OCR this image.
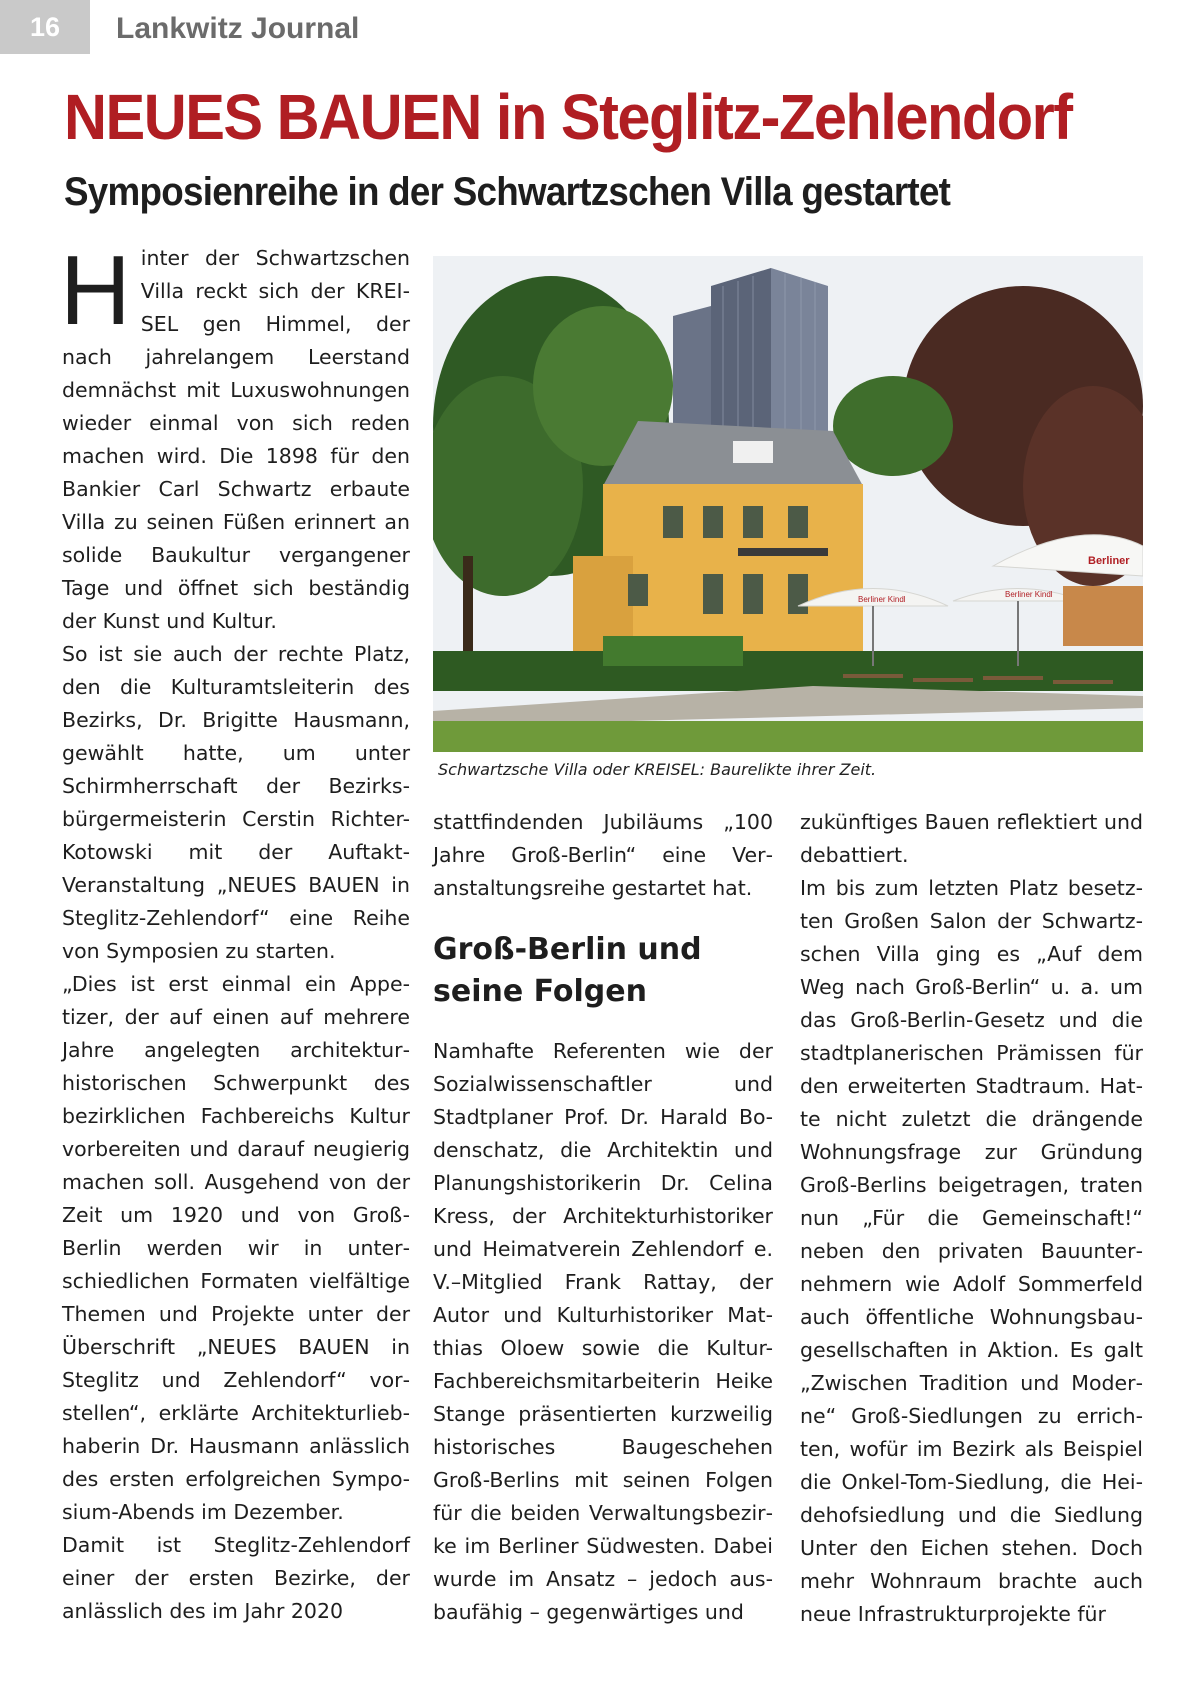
16 Lankwitz Journal
NEUES BAUEN in Steglitz-Zehlendorf
Symposienreihe in der Schwartzschen Villa gestartet

Hinter der Schwartzschen Villa reckt sich der KREISEL gen Himmel, der nach jahrelangem Leerstand demnächst mit Luxuswohnungen wieder einmal von sich reden machen wird. Die 1898 für den Bankier Carl Schwartz erbaute Villa zu seinen Füßen erinnert an solide Baukultur vergangener Tage und öffnet sich beständig der Kunst und Kultur.

So ist sie auch der rechte Platz, den die Kulturamtsleiterin des Bezirks, Dr. Brigitte Hausmann, gewählt hatte, um unter Schirmherrschaft der Bezirksbürgermeisterin Cerstin Richter-Kotowski mit der Auftakt-Veranstaltung „NEUES BAUEN in Steglitz-Zehlendorf“ eine Reihe von Symposien zu starten.

„Dies ist erst einmal ein Appetizer, der auf einen auf mehrere Jahre angelegten architekturhistorischen Schwerpunkt des bezirklichen Fachbereichs Kultur vorbereiten und darauf neugierig machen soll. Ausgehend von der Zeit um 1920 und von Groß-Berlin werden wir in unterschiedlichen Formaten vielfältige Themen und Projekte unter der Überschrift „NEUES BAUEN in Steglitz und Zehlendorf“ vorstellen“, erklärte Architekturliebhaberin Dr. Hausmann anlässlich des ersten erfolgreichen Symposium-Abends im Dezember.

Damit ist Steglitz-Zehlendorf einer der ersten Bezirke, der anlässlich des im Jahr 2020

Berliner Kindl
Berliner Kindl
Berliner
Schwartzsche Villa oder KREISEL: Baurelikte ihrer Zeit.

stattfindenden Jubiläums „100 Jahre Groß-Berlin“ eine Veranstaltungsreihe gestartet hat.

Groß-Berlin und seine Folgen

Namhafte Referenten wie der Sozialwissenschaftler und Stadtplaner Prof. Dr. Harald Bodenschatz, die Architektin und Planungshistorikerin Dr. Celina Kress, der Architekturhistoriker und Heimatverein Zehlendorf e. V.–Mitglied Frank Rattay, der Autor und Kulturhistoriker Matthias Oloew sowie die Kultur-Fachbereichsmitarbeiterin Heike Stange präsentierten kurzweilig historisches Baugeschehen Groß-Berlins mit seinen Folgen für die beiden Verwaltungsbezirke im Berliner Südwesten. Dabei wurde im Ansatz – jedoch ausbaufähig – gegenwärtiges und

zukünftiges Bauen reflektiert und debattiert.

Im bis zum letzten Platz besetzten Großen Salon der Schwartzschen Villa ging es „Auf dem Weg nach Groß-Berlin“ u. a. um das Groß-Berlin-Gesetz und die stadtplanerischen Prämissen für den erweiterten Stadtraum. Hatte nicht zuletzt die drängende Wohnungsfrage zur Gründung Groß-Berlins beigetragen, traten nun „Für die Gemeinschaft!“ neben den privaten Bauunternehmern wie Adolf Sommerfeld auch öffentliche Wohnungsbaugesellschaften in Aktion. Es galt „Zwischen Tradition und Moderne“ Groß-Siedlungen zu errichten, wofür im Bezirk als Beispiel die Onkel-Tom-Siedlung, die Heidehofsiedlung und die Siedlung Unter den Eichen stehen. Doch mehr Wohnraum brachte auch neue Infrastrukturprojekte für
